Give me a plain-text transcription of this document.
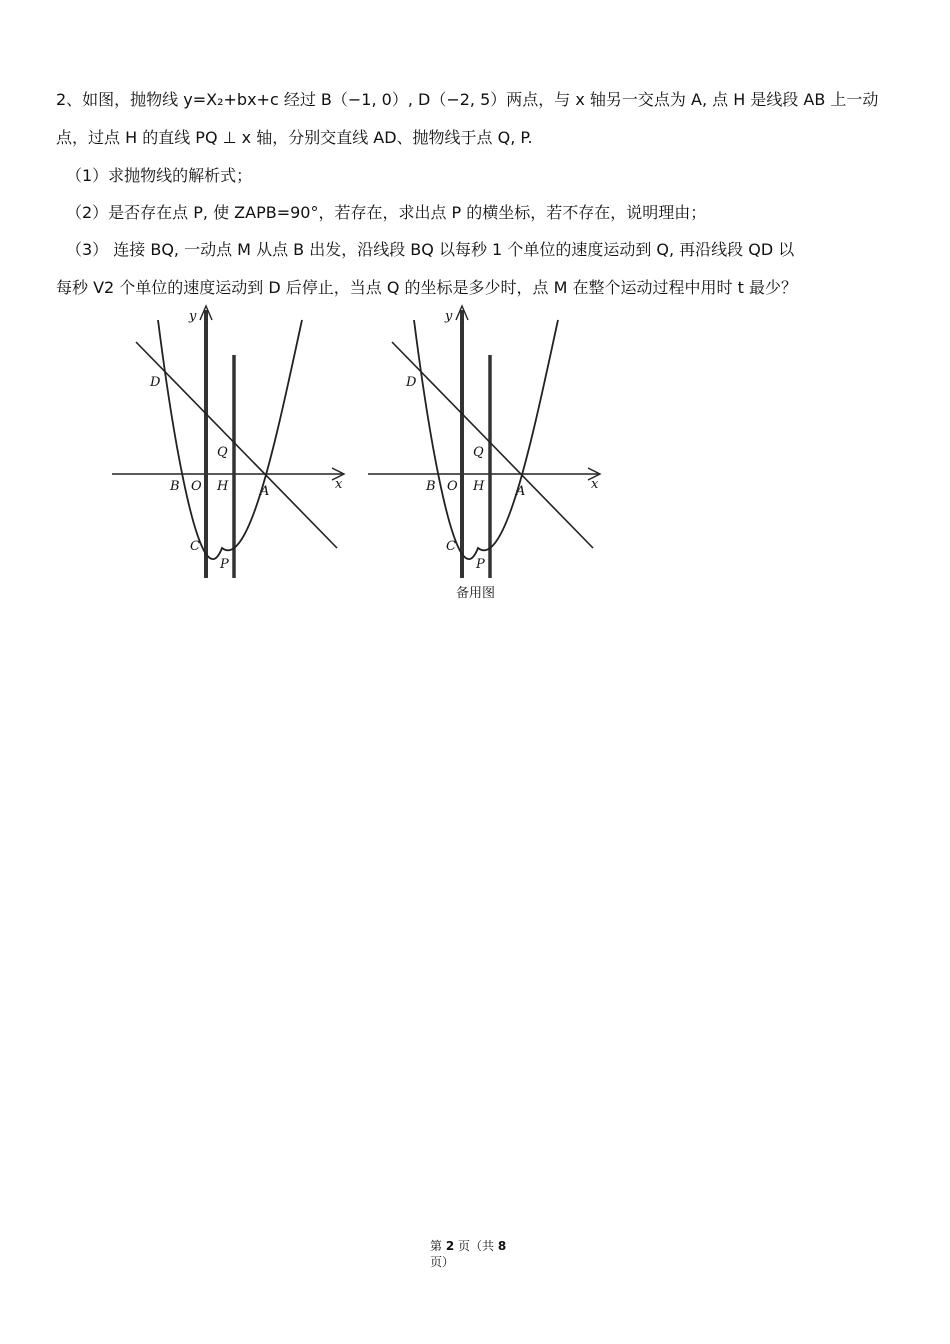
2、如图，抛物线 y=X₂+bx+c 经过 B（−1, 0）, D（−2, 5）两点，与 x 轴另一交点为 A, 点 H 是线段 AB 上一动
点，过点 H 的直线 PQ ⊥ x 轴，分别交直线 AD、抛物线于点 Q, P.
（1）求抛物线的解析式；
（2）是否存在点 P, 使 ZAPB=90°，若存在，求出点 P 的横坐标，若不存在，说明理由；
（3） 连接 BQ, 一动点 M 从点 B 出发，沿线段 BQ 以每秒 1 个单位的速度运动到 Q, 再沿线段 QD 以
每秒 V2 个单位的速度运动到 D 后停止，当点 Q 的坐标是多少时，点 M 在整个运动过程中用时 t 最少？
y
x
D
Q
B O H A
C
P
y
x
D
Q
B O H A
C
P
备用图
第 2 页（共 8
页）
